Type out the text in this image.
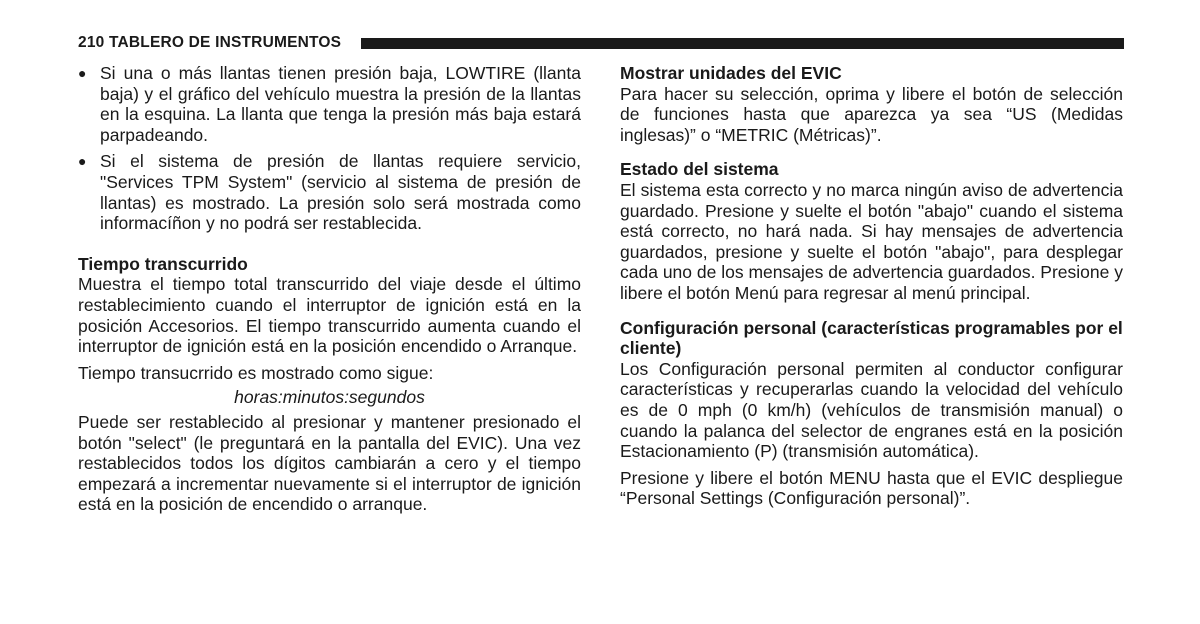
210 TABLERO DE INSTRUMENTOS
● Si una o más llantas tienen presión baja, LOWTIRE (llanta baja) y el gráfico del vehículo muestra la presión de la llantas en la esquina. La llanta que tenga la presión más baja estará parpadeando.
● Si el sistema de presión de llantas requiere servicio, "Services TPM System" (servicio al sistema de presión de llantas) es mostrado. La presión solo será mostrada como informacíñon y no podrá ser restablecida.
Tiempo transcurrido

Muestra el tiempo total transcurrido del viaje desde el último restablecimiento cuando el interruptor de ignición está en la posición Accesorios. El tiempo transcurrido aumenta cuando el interruptor de ignición está en la posición encendido o Arranque.

Tiempo transucrrido es mostrado como sigue:

horas:minutos:segundos

Puede ser restablecido al presionar y mantener presionado el botón "select" (le preguntará en la pantalla del EVIC). Una vez restablecidos todos los dígitos cambiarán a cero y el tiempo empezará a incrementar nuevamente si el interruptor de ignición está en la posición de encendido o arranque.

Mostrar unidades del EVIC

Para hacer su selección, oprima y libere el botón de selección de funciones hasta que aparezca ya sea “US (Medidas inglesas)” o “METRIC (Métricas)”.

Estado del sistema

El sistema esta correcto y no marca ningún aviso de advertencia guardado. Presione y suelte el botón "abajo" cuando el sistema está correcto, no hará nada. Si hay mensajes de advertencia guardados, presione y suelte el botón "abajo", para desplegar cada uno de los mensajes de advertencia guardados. Presione y libere el botón Menú para regresar al menú principal.

Configuración personal (características programables por el cliente)

Los Configuración personal permiten al conductor configurar características y recuperarlas cuando la velocidad del vehículo es de 0 mph (0 km/h) (vehículos de transmisión manual) o cuando la palanca del selector de engranes está en la posición Estacionamiento (P) (transmisión automática).

Presione y libere el botón MENU hasta que el EVIC despliegue “Personal Settings (Configuración personal)”.
